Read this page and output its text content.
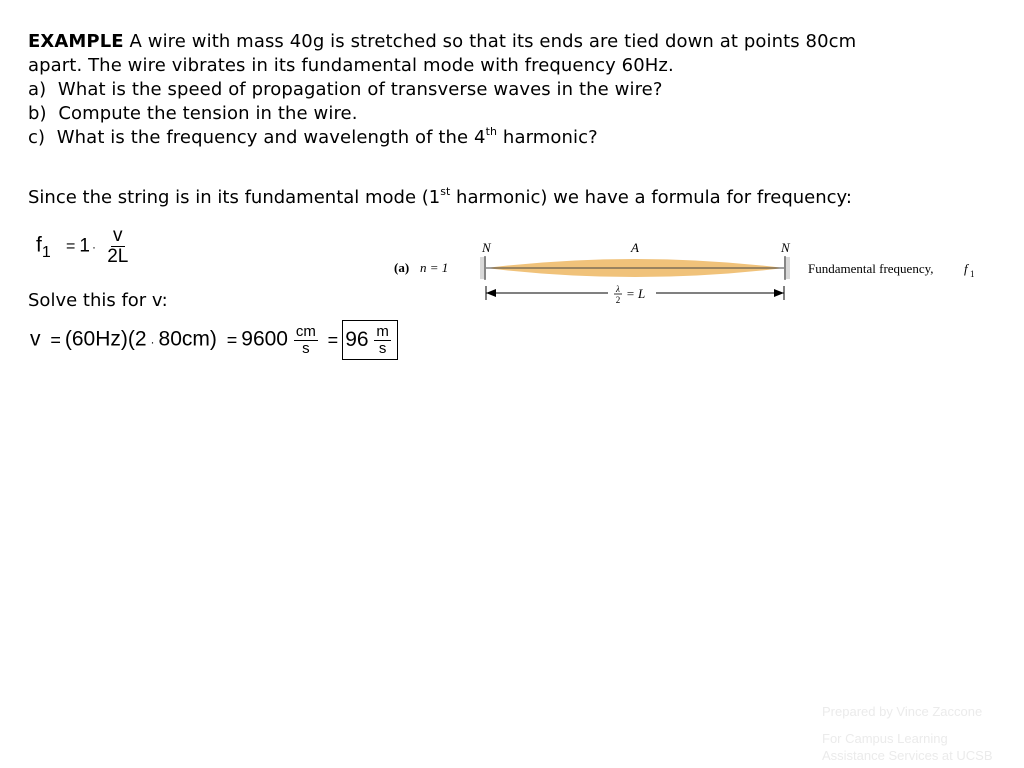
EXAMPLE A wire with mass 40g is stretched so that its ends are tied down at points 80cm
apart. The wire vibrates in its fundamental mode with frequency 60Hz.
a) What is the speed of propagation of transverse waves in the wire?
b) Compute the tension in the wire.
c) What is the frequency and wavelength of the 4th harmonic?
Since the string is in its fundamental mode (1st harmonic) we have a formula for frequency:
$f_1 = 1 \cdot \frac{v}{2L}$
Solve this for v:
$v = (60Hz)(2 \cdot 80cm) = 9600 \frac{cm}{s} = 96$
$\frac{m}{s}$
(a) n = 1
N	A	N
λ
2 = L
Fundamental frequency, f 1
Prepared by Vince Zaccone
For Campus Learning
Assistance Services at UCSB
